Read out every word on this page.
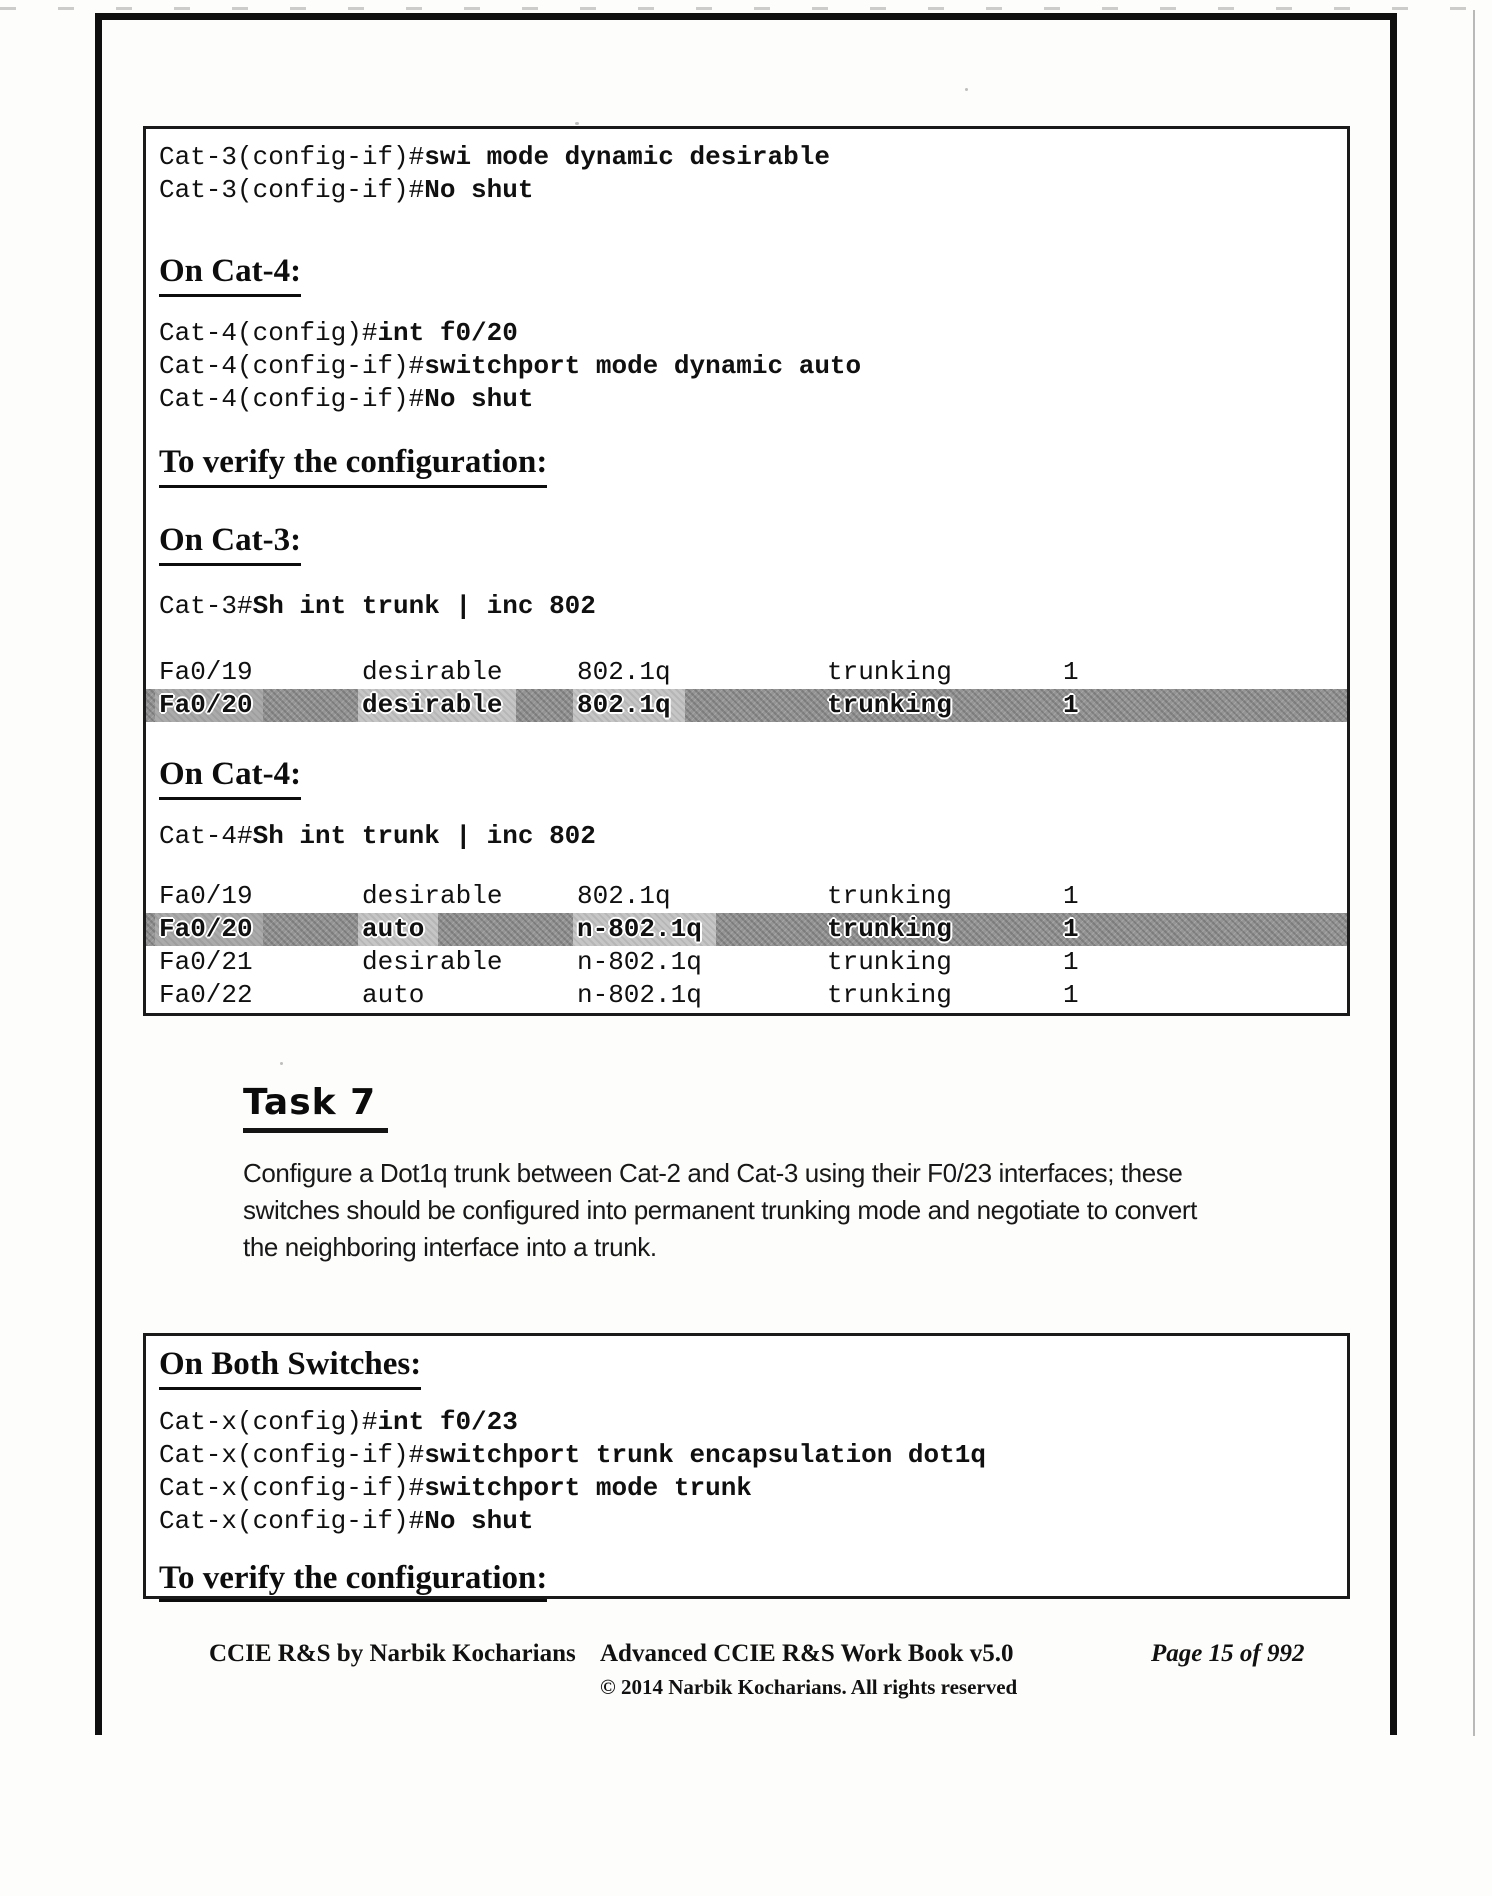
Cat-3(config-if)#swi mode dynamic desirable
Cat-3(config-if)#No shut
On Cat-4:
Cat-4(config)#int f0/20
Cat-4(config-if)#switchport mode dynamic auto
Cat-4(config-if)#No shut
To verify the configuration:
On Cat-3:
Cat-3#Sh int trunk | inc 802
Fa0/19	desirable	802.1q	trunking	1
Fa0/20	desirable	802.1q	trunking	1
On Cat-4:
Cat-4#Sh int trunk | inc 802
Fa0/19	desirable	802.1q	trunking	1
Fa0/20	auto	n-802.1q	trunking	1
Fa0/21	desirable	n-802.1q	trunking	1
Fa0/22	auto	n-802.1q	trunking	1
Task 7
Configure a Dot1q trunk between Cat-2 and Cat-3 using their F0/23 interfaces; these
switches should be configured into permanent trunking mode and negotiate to convert
the neighboring interface into a trunk.
On Both Switches:
Cat-x(config)#int f0/23
Cat-x(config-if)#switchport trunk encapsulation dot1q
Cat-x(config-if)#switchport mode trunk
Cat-x(config-if)#No shut
To verify the configuration:
CCIE R&S by Narbik Kocharians Advanced CCIE R&S Work Book v5.0
© 2014 Narbik Kocharians. All rights reserved
Page 15 of 992
